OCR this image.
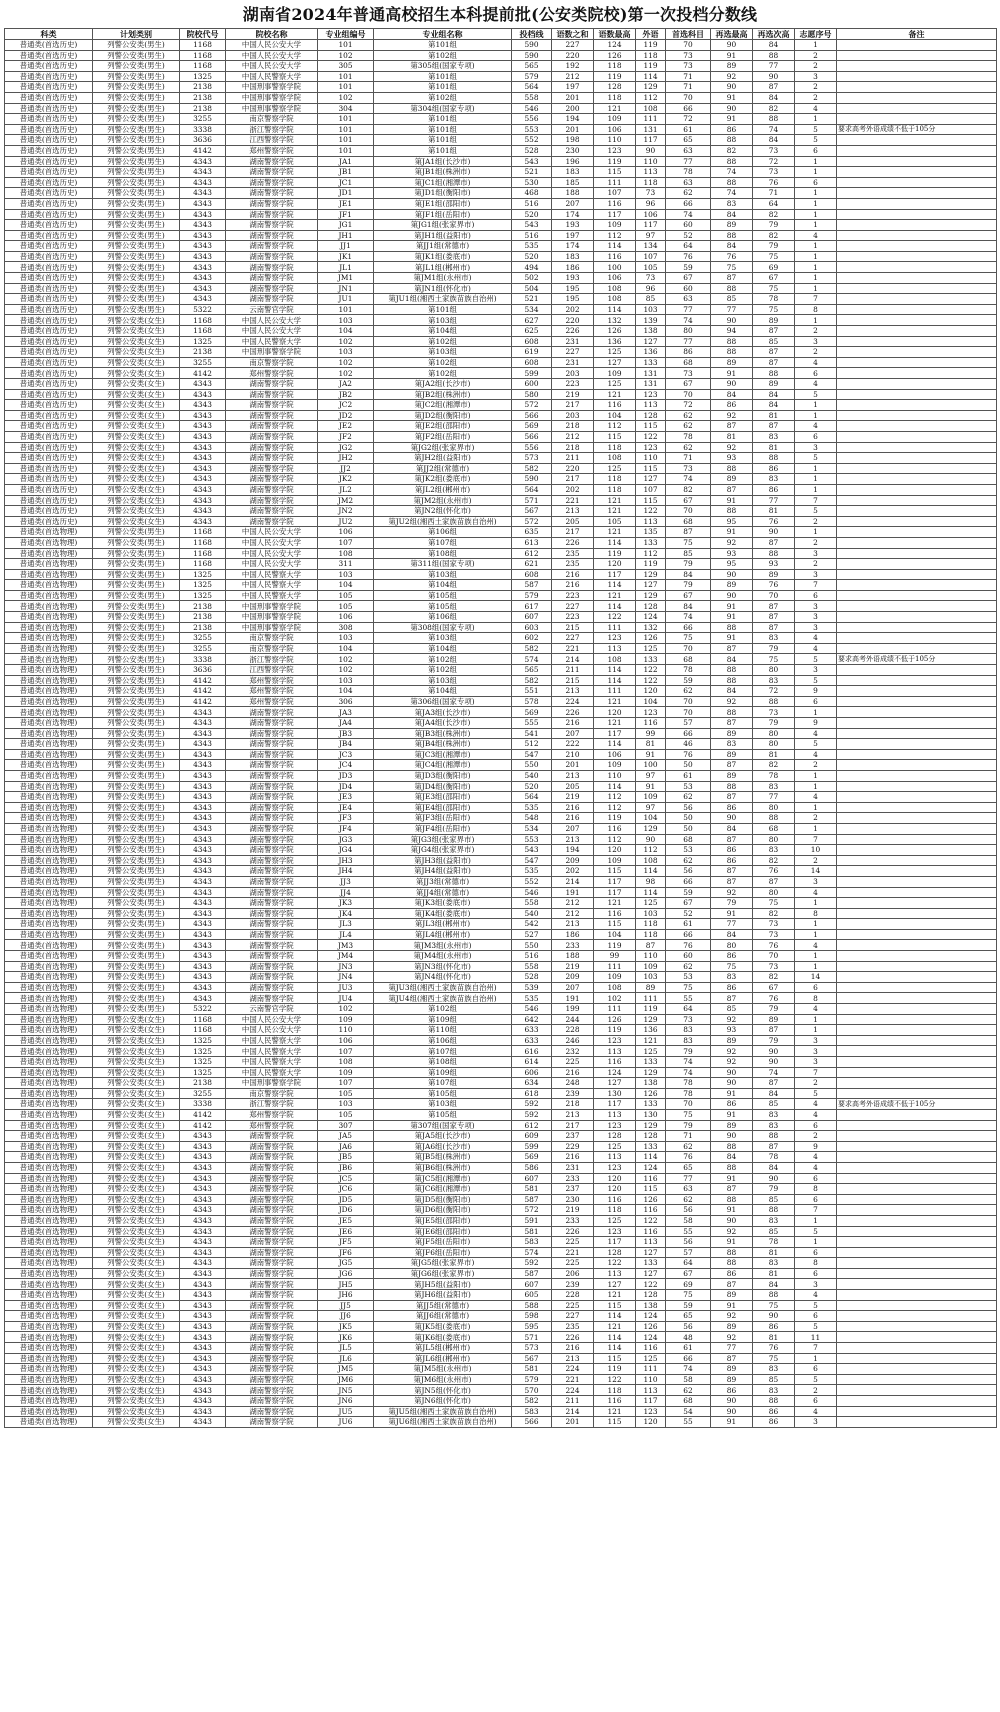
湖南省2024年普通高校招生本科提前批(公安类院校)第一次投档分数线
科类	计划类别	院校代号	院校名称	专业组编号	专业组名称	投档线	语数之和	语数最高	外语	首选科目	再选最高	再选次高	志愿序号	备注
普通类(首选历史)	列警公安类(男生)	1168	中国人民公安大学	101	第101组	590	227	124	119	70	90	84	1	
普通类(首选历史)	列警公安类(男生)	1168	中国人民公安大学	102	第102组	590	220	126	118	73	91	88	2	
普通类(首选历史)	列警公安类(男生)	1168	中国人民公安大学	305	第305组(国家专项)	565	192	118	119	73	89	77	2	
普通类(首选历史)	列警公安类(男生)	1325	中国人民警察大学	101	第101组	579	212	119	114	71	92	90	3	
普通类(首选历史)	列警公安类(男生)	2138	中国刑事警察学院	101	第101组	564	197	128	129	71	90	87	2	
普通类(首选历史)	列警公安类(男生)	2138	中国刑事警察学院	102	第102组	558	201	118	112	70	91	84	2	
普通类(首选历史)	列警公安类(男生)	2138	中国刑事警察学院	304	第304组(国家专项)	546	200	121	108	66	90	82	4	
普通类(首选历史)	列警公安类(男生)	3255	南京警察学院	101	第101组	556	194	109	111	72	91	88	1	
普通类(首选历史)	列警公安类(男生)	3338	浙江警察学院	101	第101组	553	201	106	131	61	86	74	5	要求高考外语成绩不低于105分
普通类(首选历史)	列警公安类(男生)	3636	江西警察学院	101	第101组	552	198	110	117	65	88	84	5	
普通类(首选历史)	列警公安类(男生)	4142	郑州警察学院	101	第101组	528	230	123	90	63	82	73	6	
普通类(首选历史)	列警公安类(男生)	4343	湖南警察学院	JA1	第JA1组(长沙市)	543	196	119	110	77	88	72	1	
普通类(首选历史)	列警公安类(男生)	4343	湖南警察学院	JB1	第JB1组(株洲市)	521	183	115	113	78	74	73	1	
普通类(首选历史)	列警公安类(男生)	4343	湖南警察学院	JC1	第JC1组(湘潭市)	530	185	111	118	63	88	76	6	
普通类(首选历史)	列警公安类(男生)	4343	湖南警察学院	JD1	第JD1组(衡阳市)	468	188	107	73	62	74	71	1	
普通类(首选历史)	列警公安类(男生)	4343	湖南警察学院	JE1	第JE1组(邵阳市)	516	207	116	96	66	83	64	1	
普通类(首选历史)	列警公安类(男生)	4343	湖南警察学院	JF1	第JF1组(岳阳市)	520	174	117	106	74	84	82	1	
普通类(首选历史)	列警公安类(男生)	4343	湖南警察学院	JG1	第JG1组(张家界市)	543	193	109	117	60	89	79	1	
普通类(首选历史)	列警公安类(男生)	4343	湖南警察学院	JH1	第JH1组(益阳市)	516	197	112	97	52	88	82	4	
普通类(首选历史)	列警公安类(男生)	4343	湖南警察学院	JJ1	第JJ1组(常德市)	535	174	114	134	64	84	79	1	
普通类(首选历史)	列警公安类(男生)	4343	湖南警察学院	JK1	第JK1组(娄底市)	520	183	116	107	76	76	75	1	
普通类(首选历史)	列警公安类(男生)	4343	湖南警察学院	JL1	第JL1组(郴州市)	494	186	100	105	59	75	69	1	
普通类(首选历史)	列警公安类(男生)	4343	湖南警察学院	JM1	第JM1组(永州市)	502	193	106	73	67	87	67	1	
普通类(首选历史)	列警公安类(男生)	4343	湖南警察学院	JN1	第JN1组(怀化市)	504	195	108	96	60	88	75	1	
普通类(首选历史)	列警公安类(男生)	4343	湖南警察学院	JU1	第JU1组(湘西土家族苗族自治州)	521	195	108	85	63	85	78	7	
普通类(首选历史)	列警公安类(男生)	5322	云南警官学院	101	第101组	534	202	114	103	77	77	75	8	
普通类(首选历史)	列警公安类(女生)	1168	中国人民公安大学	103	第103组	627	220	132	139	74	90	89	1	
普通类(首选历史)	列警公安类(女生)	1168	中国人民公安大学	104	第104组	625	226	126	138	80	94	87	2	
普通类(首选历史)	列警公安类(女生)	1325	中国人民警察大学	102	第102组	608	231	136	127	77	88	85	3	
普通类(首选历史)	列警公安类(女生)	2138	中国刑事警察学院	103	第103组	619	227	125	136	86	88	87	2	
普通类(首选历史)	列警公安类(女生)	3255	南京警察学院	102	第102组	608	231	127	133	68	89	87	4	
普通类(首选历史)	列警公安类(女生)	4142	郑州警察学院	102	第102组	599	203	109	131	73	91	88	6	
普通类(首选历史)	列警公安类(女生)	4343	湖南警察学院	JA2	第JA2组(长沙市)	600	223	125	131	67	90	89	4	
普通类(首选历史)	列警公安类(女生)	4343	湖南警察学院	JB2	第JB2组(株洲市)	580	219	121	123	70	84	84	5	
普通类(首选历史)	列警公安类(女生)	4343	湖南警察学院	JC2	第JC2组(湘潭市)	572	217	116	113	72	86	84	1	
普通类(首选历史)	列警公安类(女生)	4343	湖南警察学院	JD2	第JD2组(衡阳市)	566	203	104	128	62	92	81	1	
普通类(首选历史)	列警公安类(女生)	4343	湖南警察学院	JE2	第JE2组(邵阳市)	569	218	112	115	62	87	87	4	
普通类(首选历史)	列警公安类(女生)	4343	湖南警察学院	JF2	第JF2组(岳阳市)	566	212	115	122	78	81	83	6	
普通类(首选历史)	列警公安类(女生)	4343	湖南警察学院	JG2	第JG2组(张家界市)	556	218	118	123	62	92	81	3	
普通类(首选历史)	列警公安类(女生)	4343	湖南警察学院	JH2	第JH2组(益阳市)	573	211	108	110	71	93	88	5	
普通类(首选历史)	列警公安类(女生)	4343	湖南警察学院	JJ2	第JJ2组(常德市)	582	220	125	115	73	88	86	1	
普通类(首选历史)	列警公安类(女生)	4343	湖南警察学院	JK2	第JK2组(娄底市)	590	217	118	127	74	89	83	1	
普通类(首选历史)	列警公安类(女生)	4343	湖南警察学院	JL2	第JL2组(郴州市)	564	202	118	107	82	87	86	1	
普通类(首选历史)	列警公安类(女生)	4343	湖南警察学院	JM2	第JM2组(永州市)	571	221	121	115	67	91	77	7	
普通类(首选历史)	列警公安类(女生)	4343	湖南警察学院	JN2	第JN2组(怀化市)	567	213	121	122	70	88	81	5	
普通类(首选历史)	列警公安类(女生)	4343	湖南警察学院	JU2	第JU2组(湘西土家族苗族自治州)	572	205	105	113	68	95	76	2	
普通类(首选物理)	列警公安类(男生)	1168	中国人民公安大学	106	第106组	635	217	121	135	87	91	90	1	
普通类(首选物理)	列警公安类(男生)	1168	中国人民公安大学	107	第107组	613	226	114	133	75	92	87	2	
普通类(首选物理)	列警公安类(男生)	1168	中国人民公安大学	108	第108组	612	235	119	112	85	93	88	3	
普通类(首选物理)	列警公安类(男生)	1168	中国人民公安大学	311	第311组(国家专项)	621	235	120	119	79	95	93	2	
普通类(首选物理)	列警公安类(男生)	1325	中国人民警察大学	103	第103组	608	216	117	129	84	90	89	3	
普通类(首选物理)	列警公安类(男生)	1325	中国人民警察大学	104	第104组	587	216	114	127	79	89	76	7	
普通类(首选物理)	列警公安类(男生)	1325	中国人民警察大学	105	第105组	579	223	121	129	67	90	70	6	
普通类(首选物理)	列警公安类(男生)	2138	中国刑事警察学院	105	第105组	617	227	114	128	84	91	87	3	
普通类(首选物理)	列警公安类(男生)	2138	中国刑事警察学院	106	第106组	607	223	122	124	74	91	87	3	
普通类(首选物理)	列警公安类(男生)	2138	中国刑事警察学院	308	第308组(国家专项)	603	215	111	132	66	88	87	3	
普通类(首选物理)	列警公安类(男生)	3255	南京警察学院	103	第103组	602	227	123	126	75	91	83	4	
普通类(首选物理)	列警公安类(男生)	3255	南京警察学院	104	第104组	582	221	113	125	70	87	79	4	
普通类(首选物理)	列警公安类(男生)	3338	浙江警察学院	102	第102组	574	214	108	133	68	84	75	5	要求高考外语成绩不低于105分
普通类(首选物理)	列警公安类(男生)	3636	江西警察学院	102	第102组	565	211	114	122	78	88	80	3	
普通类(首选物理)	列警公安类(男生)	4142	郑州警察学院	103	第103组	582	215	114	122	59	88	83	5	
普通类(首选物理)	列警公安类(男生)	4142	郑州警察学院	104	第104组	551	213	111	120	62	84	72	9	
普通类(首选物理)	列警公安类(男生)	4142	郑州警察学院	306	第306组(国家专项)	578	224	121	104	70	92	88	6	
普通类(首选物理)	列警公安类(男生)	4343	湖南警察学院	JA3	第JA3组(长沙市)	569	226	120	123	70	88	73	1	
普通类(首选物理)	列警公安类(男生)	4343	湖南警察学院	JA4	第JA4组(长沙市)	555	216	121	116	57	87	79	9	
普通类(首选物理)	列警公安类(男生)	4343	湖南警察学院	JB3	第JB3组(株洲市)	541	207	117	99	66	89	80	4	
普通类(首选物理)	列警公安类(男生)	4343	湖南警察学院	JB4	第JB4组(株洲市)	512	222	114	81	46	83	80	5	
普通类(首选物理)	列警公安类(男生)	4343	湖南警察学院	JC3	第JC3组(湘潭市)	547	210	106	91	76	89	81	4	
普通类(首选物理)	列警公安类(男生)	4343	湖南警察学院	JC4	第JC4组(湘潭市)	550	201	109	100	50	87	82	2	
普通类(首选物理)	列警公安类(男生)	4343	湖南警察学院	JD3	第JD3组(衡阳市)	540	213	110	97	61	89	78	1	
普通类(首选物理)	列警公安类(男生)	4343	湖南警察学院	JD4	第JD4组(衡阳市)	520	205	114	91	53	88	83	1	
普通类(首选物理)	列警公安类(男生)	4343	湖南警察学院	JE3	第JE3组(邵阳市)	564	219	112	109	62	87	77	4	
普通类(首选物理)	列警公安类(男生)	4343	湖南警察学院	JE4	第JE4组(邵阳市)	535	216	112	97	56	86	80	1	
普通类(首选物理)	列警公安类(男生)	4343	湖南警察学院	JF3	第JF3组(岳阳市)	548	216	119	104	50	90	88	2	
普通类(首选物理)	列警公安类(男生)	4343	湖南警察学院	JF4	第JF4组(岳阳市)	534	207	116	129	50	84	68	1	
普通类(首选物理)	列警公安类(男生)	4343	湖南警察学院	JG3	第JG3组(张家界市)	553	213	112	90	68	87	80	7	
普通类(首选物理)	列警公安类(男生)	4343	湖南警察学院	JG4	第JG4组(张家界市)	543	194	120	112	53	86	83	10	
普通类(首选物理)	列警公安类(男生)	4343	湖南警察学院	JH3	第JH3组(益阳市)	547	209	109	108	62	86	82	2	
普通类(首选物理)	列警公安类(男生)	4343	湖南警察学院	JH4	第JH4组(益阳市)	535	202	115	114	56	87	76	14	
普通类(首选物理)	列警公安类(男生)	4343	湖南警察学院	JJ3	第JJ3组(常德市)	552	214	117	98	66	87	87	3	
普通类(首选物理)	列警公安类(男生)	4343	湖南警察学院	JJ4	第JJ4组(常德市)	546	191	117	114	59	92	80	4	
普通类(首选物理)	列警公安类(男生)	4343	湖南警察学院	JK3	第JK3组(娄底市)	558	212	121	125	67	79	75	1	
普通类(首选物理)	列警公安类(男生)	4343	湖南警察学院	JK4	第JK4组(娄底市)	540	212	116	103	52	91	82	8	
普通类(首选物理)	列警公安类(男生)	4343	湖南警察学院	JL3	第JL3组(郴州市)	542	213	115	118	61	77	73	1	
普通类(首选物理)	列警公安类(男生)	4343	湖南警察学院	JL4	第JL4组(郴州市)	527	186	104	118	66	84	73	1	
普通类(首选物理)	列警公安类(男生)	4343	湖南警察学院	JM3	第JM3组(永州市)	550	233	119	87	76	80	76	4	
普通类(首选物理)	列警公安类(男生)	4343	湖南警察学院	JM4	第JM4组(永州市)	516	188	99	110	60	86	70	1	
普通类(首选物理)	列警公安类(男生)	4343	湖南警察学院	JN3	第JN3组(怀化市)	558	219	111	109	62	75	73	1	
普通类(首选物理)	列警公安类(男生)	4343	湖南警察学院	JN4	第JN4组(怀化市)	528	209	109	103	53	83	82	14	
普通类(首选物理)	列警公安类(男生)	4343	湖南警察学院	JU3	第JU3组(湘西土家族苗族自治州)	539	207	108	89	75	86	67	6	
普通类(首选物理)	列警公安类(男生)	4343	湖南警察学院	JU4	第JU4组(湘西土家族苗族自治州)	535	191	102	111	55	87	76	8	
普通类(首选物理)	列警公安类(男生)	5322	云南警官学院	102	第102组	546	199	111	119	64	85	79	4	
普通类(首选物理)	列警公安类(女生)	1168	中国人民公安大学	109	第109组	642	244	126	129	73	92	89	1	
普通类(首选物理)	列警公安类(女生)	1168	中国人民公安大学	110	第110组	633	228	119	136	83	93	87	1	
普通类(首选物理)	列警公安类(女生)	1325	中国人民警察大学	106	第106组	633	246	123	121	83	89	79	3	
普通类(首选物理)	列警公安类(女生)	1325	中国人民警察大学	107	第107组	616	232	113	125	79	92	90	3	
普通类(首选物理)	列警公安类(女生)	1325	中国人民警察大学	108	第108组	614	225	116	133	74	92	90	3	
普通类(首选物理)	列警公安类(女生)	1325	中国人民警察大学	109	第109组	606	216	124	129	74	90	74	7	
普通类(首选物理)	列警公安类(女生)	2138	中国刑事警察学院	107	第107组	634	248	127	138	78	90	87	2	
普通类(首选物理)	列警公安类(女生)	3255	南京警察学院	105	第105组	618	239	130	126	78	91	84	5	
普通类(首选物理)	列警公安类(女生)	3338	浙江警察学院	103	第103组	592	218	117	133	70	86	85	4	要求高考外语成绩不低于105分
普通类(首选物理)	列警公安类(女生)	4142	郑州警察学院	105	第105组	592	213	113	130	75	91	83	4	
普通类(首选物理)	列警公安类(女生)	4142	郑州警察学院	307	第307组(国家专项)	612	217	123	129	79	89	83	6	
普通类(首选物理)	列警公安类(女生)	4343	湖南警察学院	JA5	第JA5组(长沙市)	609	237	128	128	71	90	88	2	
普通类(首选物理)	列警公安类(女生)	4343	湖南警察学院	JA6	第JA6组(长沙市)	599	229	125	133	62	88	87	9	
普通类(首选物理)	列警公安类(女生)	4343	湖南警察学院	JB5	第JB5组(株洲市)	569	216	113	114	76	84	78	4	
普通类(首选物理)	列警公安类(女生)	4343	湖南警察学院	JB6	第JB6组(株洲市)	586	231	123	124	65	88	84	4	
普通类(首选物理)	列警公安类(女生)	4343	湖南警察学院	JC5	第JC5组(湘潭市)	607	233	120	116	77	91	90	6	
普通类(首选物理)	列警公安类(女生)	4343	湖南警察学院	JC6	第JC6组(湘潭市)	581	237	120	115	63	87	79	8	
普通类(首选物理)	列警公安类(女生)	4343	湖南警察学院	JD5	第JD5组(衡阳市)	587	230	116	126	62	88	85	6	
普通类(首选物理)	列警公安类(女生)	4343	湖南警察学院	JD6	第JD6组(衡阳市)	572	219	118	116	56	91	88	7	
普通类(首选物理)	列警公安类(女生)	4343	湖南警察学院	JE5	第JE5组(邵阳市)	591	233	125	122	58	90	83	1	
普通类(首选物理)	列警公安类(女生)	4343	湖南警察学院	JE6	第JE6组(邵阳市)	581	226	123	116	55	92	85	5	
普通类(首选物理)	列警公安类(女生)	4343	湖南警察学院	JF5	第JF5组(岳阳市)	583	225	117	113	56	91	78	1	
普通类(首选物理)	列警公安类(女生)	4343	湖南警察学院	JF6	第JF6组(岳阳市)	574	221	128	127	57	88	81	6	
普通类(首选物理)	列警公安类(女生)	4343	湖南警察学院	JG5	第JG5组(张家界市)	592	225	122	133	64	88	83	8	
普通类(首选物理)	列警公安类(女生)	4343	湖南警察学院	JG6	第JG6组(张家界市)	587	206	113	127	67	86	81	6	
普通类(首选物理)	列警公安类(女生)	4343	湖南警察学院	JH5	第JH5组(益阳市)	607	239	127	122	69	87	84	3	
普通类(首选物理)	列警公安类(女生)	4343	湖南警察学院	JH6	第JH6组(益阳市)	605	228	121	128	75	89	88	4	
普通类(首选物理)	列警公安类(女生)	4343	湖南警察学院	JJ5	第JJ5组(常德市)	588	225	115	138	59	91	75	5	
普通类(首选物理)	列警公安类(女生)	4343	湖南警察学院	JJ6	第JJ6组(常德市)	598	227	114	124	65	92	90	6	
普通类(首选物理)	列警公安类(女生)	4343	湖南警察学院	JK5	第JK5组(娄底市)	595	235	121	126	56	89	86	5	
普通类(首选物理)	列警公安类(女生)	4343	湖南警察学院	JK6	第JK6组(娄底市)	571	226	114	124	48	92	81	11	
普通类(首选物理)	列警公安类(女生)	4343	湖南警察学院	JL5	第JL5组(郴州市)	573	216	114	116	61	77	76	7	
普通类(首选物理)	列警公安类(女生)	4343	湖南警察学院	JL6	第JL6组(郴州市)	567	213	115	125	66	87	75	1	
普通类(首选物理)	列警公安类(女生)	4343	湖南警察学院	JM5	第JM5组(永州市)	581	224	119	111	74	89	83	6	
普通类(首选物理)	列警公安类(女生)	4343	湖南警察学院	JM6	第JM6组(永州市)	579	221	122	110	58	89	85	5	
普通类(首选物理)	列警公安类(女生)	4343	湖南警察学院	JN5	第JN5组(怀化市)	570	224	118	113	62	86	83	2	
普通类(首选物理)	列警公安类(女生)	4343	湖南警察学院	JN6	第JN6组(怀化市)	582	211	116	117	68	90	88	6	
普通类(首选物理)	列警公安类(女生)	4343	湖南警察学院	JU5	第JU5组(湘西土家族苗族自治州)	583	214	121	123	54	90	86	4	
普通类(首选物理)	列警公安类(女生)	4343	湖南警察学院	JU6	第JU6组(湘西土家族苗族自治州)	566	201	115	120	55	91	86	3	
